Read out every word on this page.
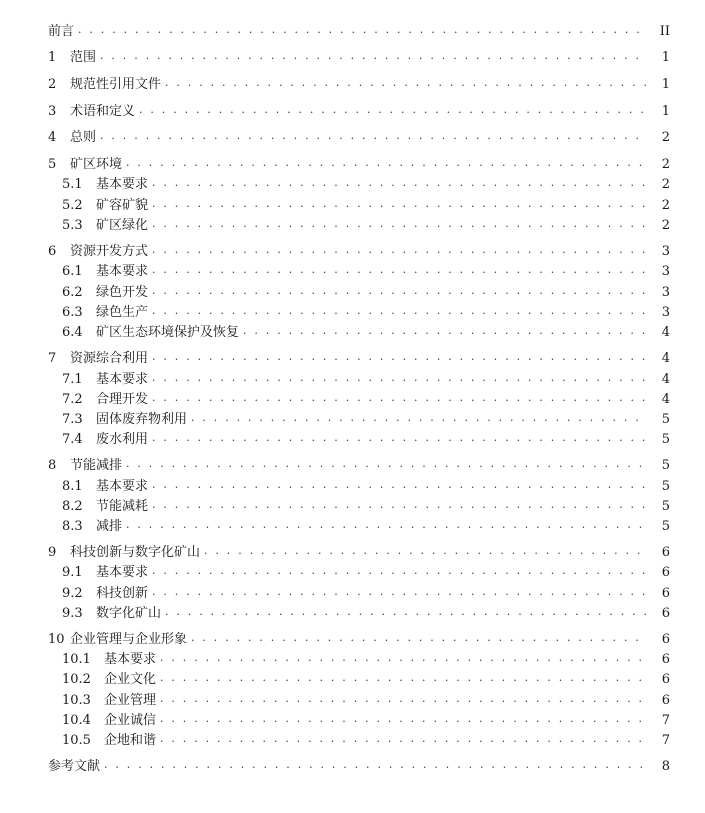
前言 · · ·	II
1	范围 · · ·	1
2	规范性引用文件 · · ·	1
3	术语和定义 · · ·	1
4	总则 · · ·	2
5	矿区环境 · · ·	2
5.1	基本要求 · · ·	2
5.2	矿容矿貌 · · ·	2
5.3	矿区绿化 · · ·	2
6	资源开发方式 · · ·	3
6.1	基本要求 · · ·	3
6.2	绿色开发 · · ·	3
6.3	绿色生产 · · ·	3
6.4	矿区生态环境保护及恢复 · · ·	4
7	资源综合利用 · · ·	4
7.1	基本要求 · · ·	4
7.2	合理开发 · · ·	4
7.3	固体废弃物利用 · · ·	5
7.4	废水利用 · · ·	5
8	节能减排 · · ·	5
8.1	基本要求 · · ·	5
8.2	节能减耗 · · ·	5
8.3	减排 · · ·	5
9	科技创新与数字化矿山 · · ·	6
9.1	基本要求 · · ·	6
9.2	科技创新 · · ·	6
9.3	数字化矿山 · · ·	6
10 企业管理与企业形象 · · ·	6
10.1	基本要求 · · ·	6
10.2	企业文化 · · ·	6
10.3	企业管理 · · ·	6
10.4	企业诚信 · · ·	7
10.5	企地和谐 · · ·	7
参考文献 · · ·	8
